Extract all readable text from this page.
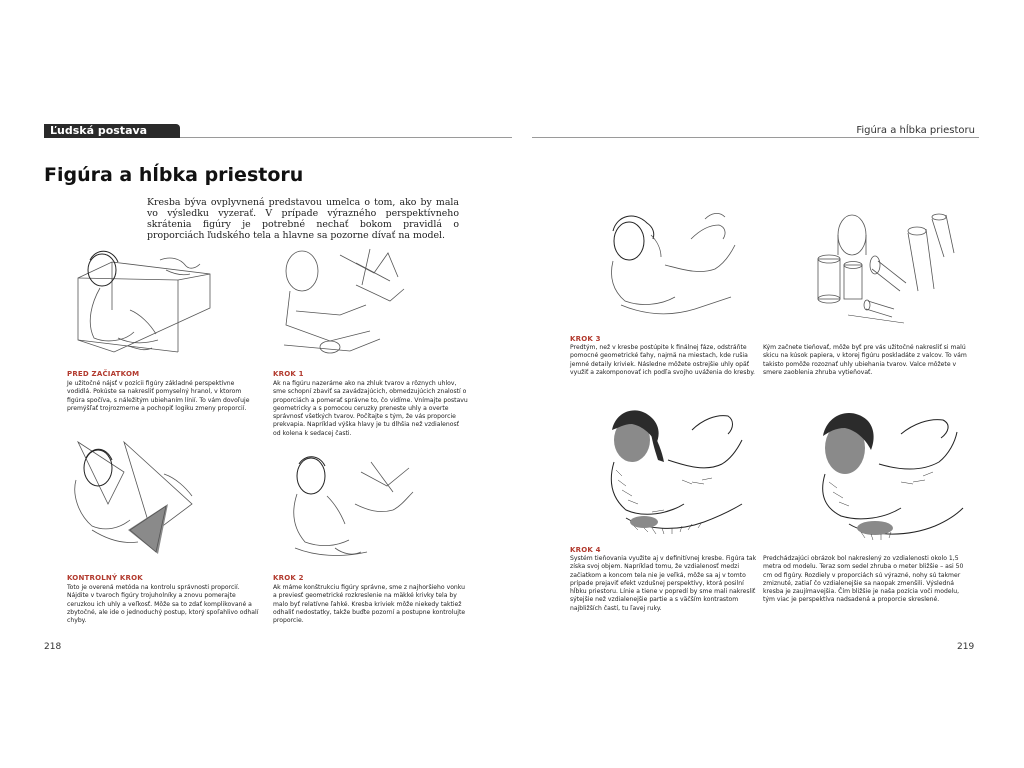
Ľudská postava	Figúra a hĺbka priestoru
Figúra a hĺbka priestoru
Kresba býva ovplyvnená predstavou umelca o tom, ako by mala vo výsledku vyzerať. V prípade výrazného perspektívneho skrátenia figúry je potrebné nechať bokom pravidlá o proporciách ľudského tela a hlavne sa pozorne dívať na model.
PRED ZAČIATKOM
Je užitočné nájsť v pozícii figúry základné perspektívne vodidlá. Pokúste sa nakresliť pomyselný hranol, v ktorom figúra spočíva, s náležitým ubiehaním línií. To vám dovoľuje premýšľať trojrozmerne a pochopiť logiku zmeny proporcií.
KROK 1
Ak na figúru nazeráme ako na zhluk tvarov a rôznych uhlov, sme schopní zbaviť sa zavádzajúcich, obmedzujúcich znalostí o proporciách a pomerať správne to, čo vidíme. Vnímajte postavu geometricky a s pomocou ceruzky preneste uhly a overte správnosť všetkých tvarov. Počítajte s tým, že vás proporcie prekvapia. Napríklad výška hlavy je tu dlhšia než vzdialenosť od kolena k sedacej časti.
KONTROLNÝ KROK
Toto je overená metóda na kontrolu správnosti proporcií. Nájdite v tvaroch figúry trojuholníky a znovu pomerajte ceruzkou ich uhly a veľkosť. Môže sa to zdať komplikované a zbytočné, ale ide o jednoduchý postup, ktorý spoľahlivo odhalí chyby.
KROK 2
Ak máme konštrukciu figúry správne, sme z najhoršieho vonku a previesť geometrické rozkreslenie na mäkké krivky tela by malo byť relatívne ľahké. Kresba kriviek môže niekedy taktiež odhaliť nedostatky, takže buďte pozorní a postupne kontrolujte proporcie.
KROK 3
Predtým, než v kresbe postúpite k finálnej fáze, odstráňte pomocné geometrické ťahy, najmä na miestach, kde rušia jemné detaily kriviek. Následne môžete ostrejšie uhly opäť využiť a zakomponovať ich podľa svojho uváženia do kresby.
Kým začnete tieňovať, môže byť pre vás užitočné nakresliť si malú skicu na kúsok papiera, v ktorej figúru poskladáte z valcov. To vám takisto pomôže rozoznať uhly ubiehania tvarov. Valce môžete v smere zaoblenia zhruba vytieňovať.
KROK 4
Systém tieňovania využite aj v definitívnej kresbe. Figúra tak získa svoj objem. Napríklad tomu, že vzdialenosť medzi začiatkom a koncom tela nie je veľká, môže sa aj v tomto prípade prejaviť efekt vzdušnej perspektívy, ktorá posilní hĺbku priestoru. Línie a tiene v popredí by sme mali nakresliť sýtejšie než vzdialenejšie partie a s väčším kontrastom najbližších častí, tu ľavej ruky.
Predchádzajúci obrázok bol nakreslený zo vzdialenosti okolo 1,5 metra od modelu. Teraz som sedel zhruba o meter bližšie – asi 50 cm od figúry. Rozdiely v proporciách sú výrazné, nohy sú takmer zmiznuté, zatiaľ čo vzdialenejšie sa naopak zmenšili. Výsledná kresba je zaujímavejšia. Čím bližšie je naša pozícia voči modelu, tým viac je perspektíva nadsadená a proporcie skreslené.
218	219
